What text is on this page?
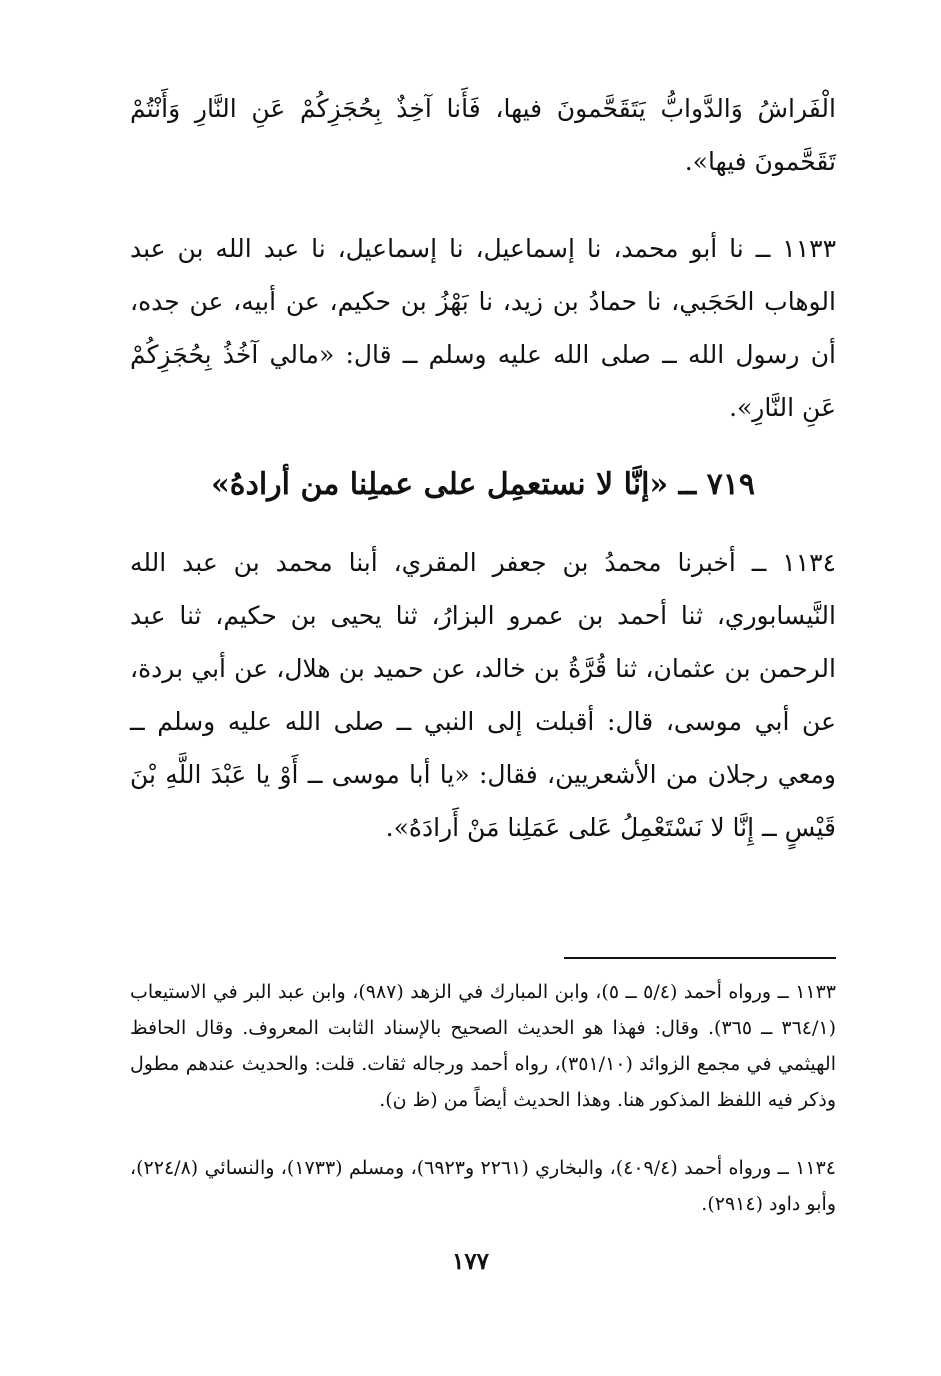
الْفَراشُ وَالدَّوابُّ يَتَقَحَّمونَ فيها، فَأَنا آخِذٌ بِحُجَزِكُمْ عَنِ النَّارِ وَأَنْتُمْ تَقَحَّمونَ فيها».

١١٣٣ ــ نا أبو محمد، نا إسماعيل، نا إسماعيل، نا عبد الله بن عبد الوهاب الحَجَبي، نا حمادُ بن زيد، نا بَهْزُ بن حكيم، عن أبيه، عن جده، أن رسول الله ــ صلى الله عليه وسلم ــ قال: «مالي آخُذُ بِحُجَزِكُمْ عَنِ النَّارِ».

٧١٩ ــ «إنَّا لا نستعمِل على عملِنا من أرادهُ»

١١٣٤ ــ أخبرنا محمدُ بن جعفر المقري، أبنا محمد بن عبد الله النَّيسابوري، ثنا أحمد بن عمرو البزارُ، ثنا يحيى بن حكيم، ثنا عبد الرحمن بن عثمان، ثنا قُرَّةُ بن خالد، عن حميد بن هلال، عن أبي بردة، عن أبي موسى، قال: أقبلت إلى النبي ــ صلى الله عليه وسلم ــ ومعي رجلان من الأشعريين، فقال: «يا أبا موسى ــ أَوْ يا عَبْدَ اللَّهِ بْنَ قَيْسٍ ــ إِنَّا لا نَسْتَعْمِلُ عَلى عَمَلِنا مَنْ أَرادَهُ».

١١٣٣ ــ ورواه أحمد (٥/٤ ــ ٥)، وابن المبارك في الزهد (٩٨٧)، وابن عبد البر في الاستيعاب (٣٦٤/١ ــ ٣٦٥). وقال: فهذا هو الحديث الصحيح بالإسناد الثابت المعروف. وقال الحافظ الهيثمي في مجمع الزوائد (٣٥١/١٠)، رواه أحمد ورجاله ثقات. قلت: والحديث عندهم مطول وذكر فيه اللفظ المذكور هنا. وهذا الحديث أيضاً من (ظ ن).

١١٣٤ ــ ورواه أحمد (٤٠٩/٤)، والبخاري (٢٢٦١ و٦٩٢٣)، ومسلم (١٧٣٣)، والنسائي (٢٢٤/٨)، وأبو داود (٢٩١٤).

١٧٧
